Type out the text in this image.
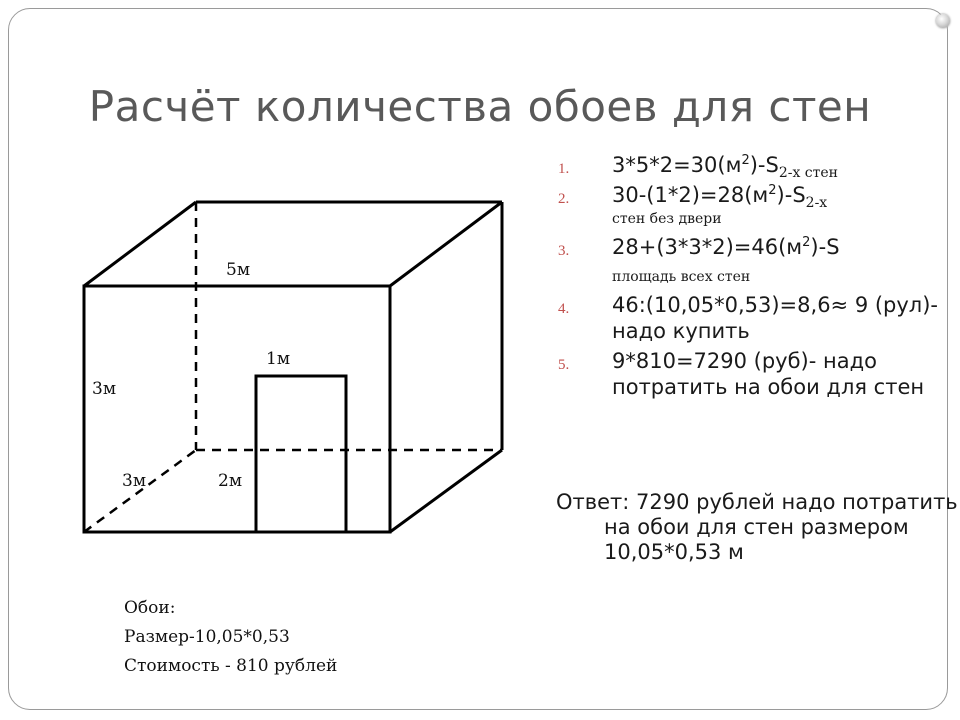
Расчёт количества обоев для стен
5м
3м
3м
1м
2м
1. $3*5*2=30(м^2)-S_{2-х стен}$
2. $30-(1*2)=28(м^2)-S_{2-х}$
стен без двери
3. $28+(3*3*2)=46(м^2)-S$
площадь всех стен
4. 46:(10,05*0,53)=8,6≈ 9 (рул)-надо купить
5. 9*810=7290 (руб)- надо потратить на обои для стен
Ответ: 7290 рублей надо потратить на обои для стен размером 10,05*0,53 м
Обои:
Размер-10,05*0,53
Стоимость - 810 рублей
